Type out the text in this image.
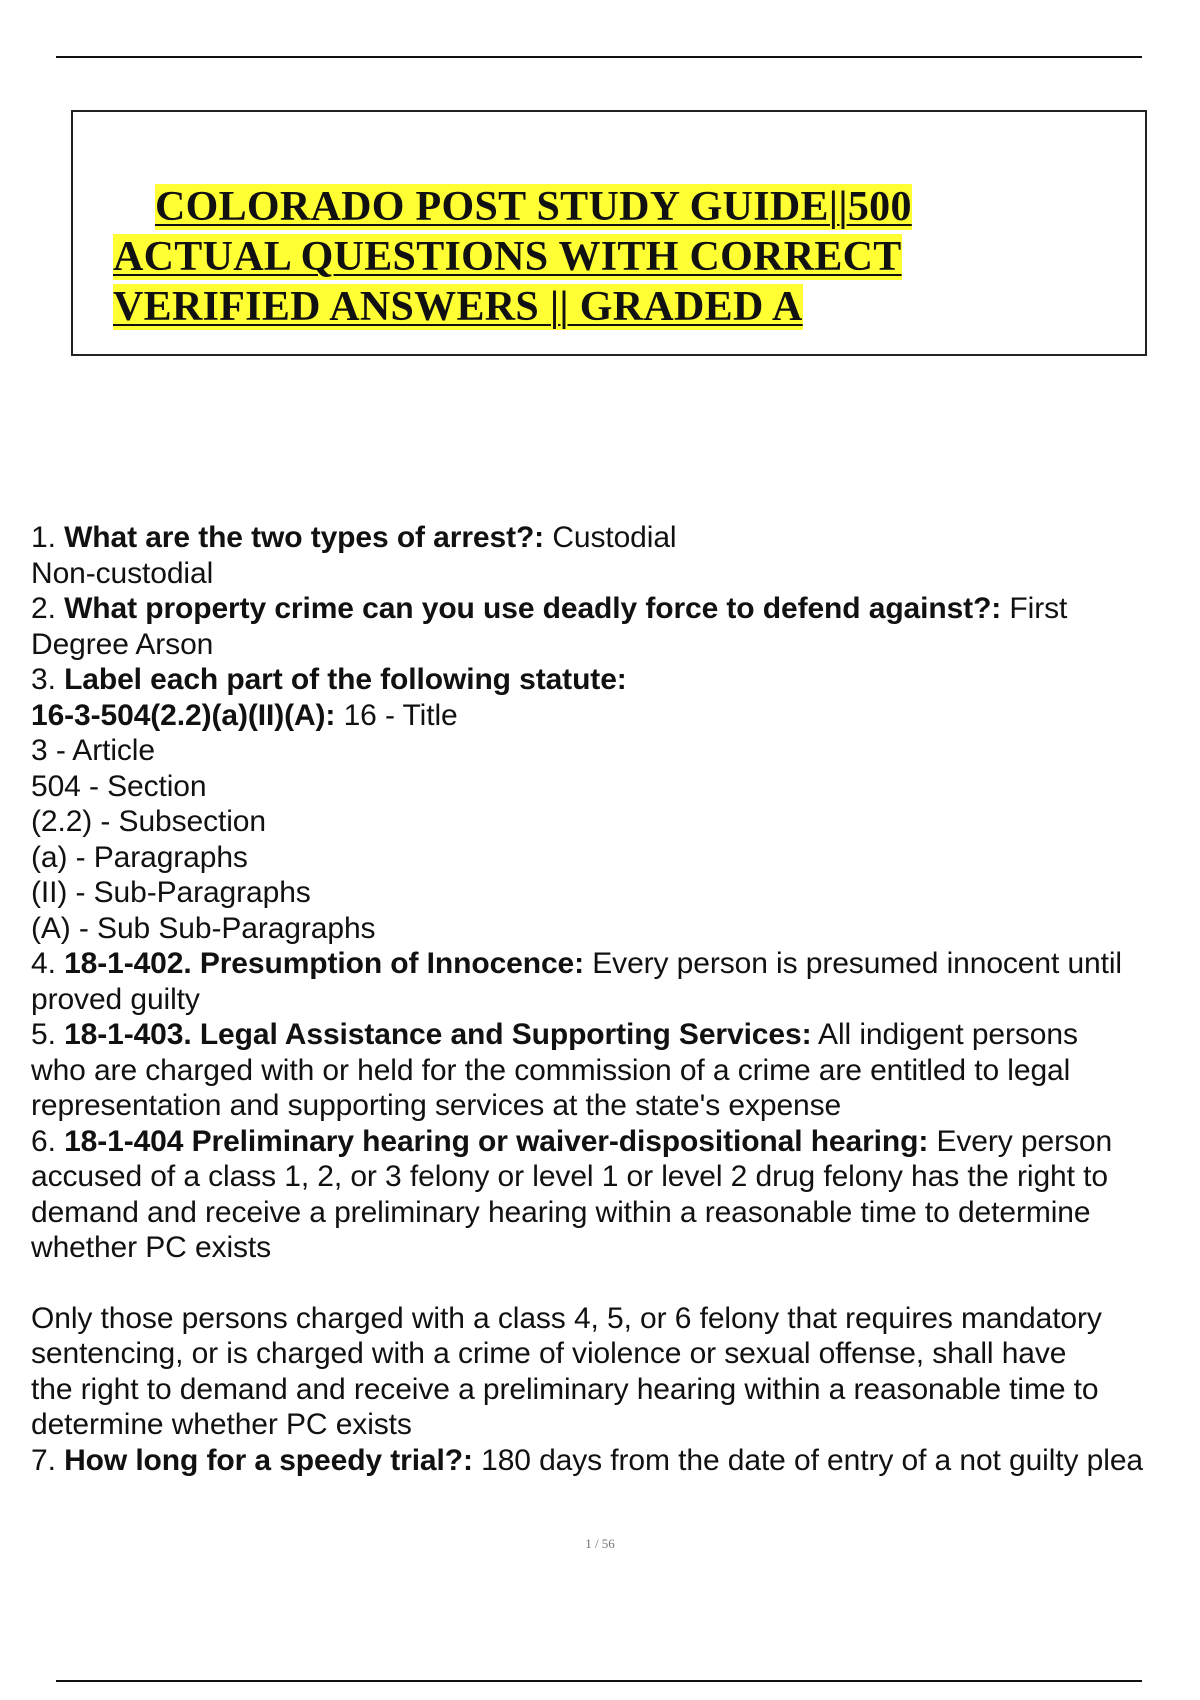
COLORADO POST STUDY GUIDE||500
ACTUAL QUESTIONS WITH CORRECT
VERIFIED ANSWERS || GRADED A

1. What are the two types of arrest?: Custodial
Non-custodial

2. What property crime can you use deadly force to defend against?: First
Degree Arson

3. Label each part of the following statute:
16-3-504(2.2)(a)(II)(A): 16 - Title
3 - Article
504 - Section
(2.2) - Subsection
(a) - Paragraphs
(II) - Sub-Paragraphs
(A) - Sub Sub-Paragraphs

4. 18-1-402. Presumption of Innocence: Every person is presumed innocent until
proved guilty

5. 18-1-403. Legal Assistance and Supporting Services: All indigent persons
who are charged with or held for the commission of a crime are entitled to legal
representation and supporting services at the state's expense

6. 18-1-404 Preliminary hearing or waiver-dispositional hearing: Every person
accused of a class 1, 2, or 3 felony or level 1 or level 2 drug felony has the right to
demand and receive a preliminary hearing within a reasonable time to determine
whether PC exists

Only those persons charged with a class 4, 5, or 6 felony that requires mandatory
sentencing, or is charged with a crime of violence or sexual offense, shall have
the right to demand and receive a preliminary hearing within a reasonable time to
determine whether PC exists

7. How long for a speedy trial?: 180 days from the date of entry of a not guilty plea

1 / 56
